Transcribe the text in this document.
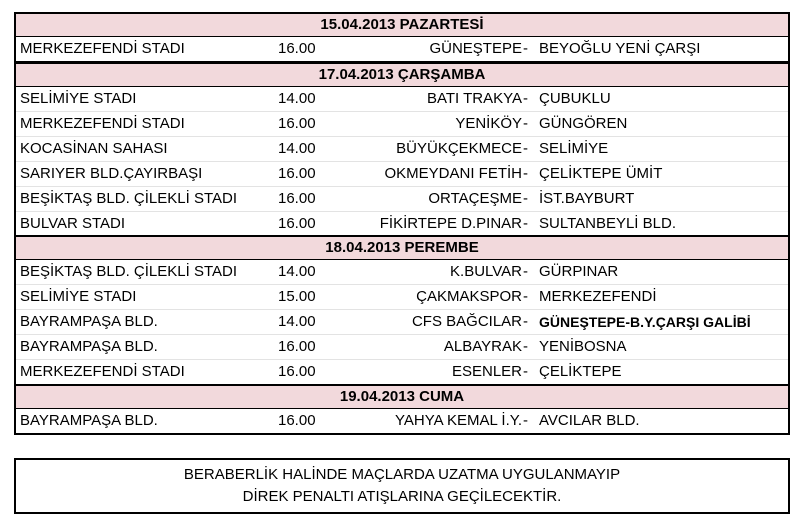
15.04.2013 PAZARTESİ
MERKEZEFENDİ STADI	16.00	GÜNEŞTEPE - BEYOĞLU YENİ ÇARŞI
17.04.2013 ÇARŞAMBA
SELİMİYE STADI	14.00	BATI TRAKYA - ÇUBUKLU
MERKEZEFENDİ STADI	16.00	YENİKÖY - GÜNGÖREN
KOCASİNAN SAHASI	14.00	BÜYÜKÇEKMECE - SELİMİYE
SARIYER BLD.ÇAYIRBAŞI	16.00	OKMEYDANI FETİH - ÇELİKTEPE ÜMİT
BEŞİKTAŞ BLD. ÇİLEKLİ STADI	16.00	ORTAÇEŞME - İST.BAYBURT
BULVAR STADI	16.00	FİKİRTEPE D.PINAR - SULTANBEYLİ BLD.
18.04.2013 PEREMBE
BEŞİKTAŞ BLD. ÇİLEKLİ STADI	14.00	K.BULVAR - GÜRPINAR
SELİMİYE STADI	15.00	ÇAKMAKSPOR - MERKEZEFENDİ
BAYRAMPAŞA BLD.	14.00	CFS BAĞCILAR - GÜNEŞTEPE-B.Y.ÇARŞI GALİBİ
BAYRAMPAŞA BLD.	16.00	ALBAYRAK - YENİBOSNA
MERKEZEFENDİ STADI	16.00	ESENLER - ÇELİKTEPE
19.04.2013 CUMA
BAYRAMPAŞA BLD.	16.00	YAHYA KEMAL İ.Y. - AVCILAR BLD.
BERABERLİK HALİNDE MAÇLARDA UZATMA UYGULANMAYIP
DİREK PENALTI ATIŞLARINA GEÇİLECEKTİR.
